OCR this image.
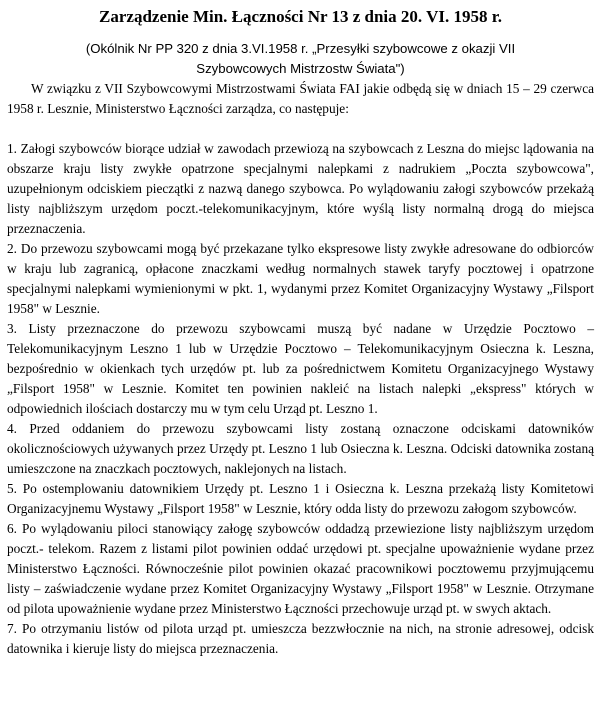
Zarządzenie Min. Łączności Nr 13 z dnia 20. VI. 1958 r.
(Okólnik Nr PP 320 z dnia 3.VI.1958 r. „Przesyłki szybowcowe z okazji VII
Szybowcowych Mistrzostw Świata")

W związku z VII Szybowcowymi Mistrzostwami Świata FAI jakie odbędą się w dniach 15 – 29 czerwca 1958 r. Lesznie, Ministerstwo Łączności zarządza, co następuje:

1. Załogi szybowców biorące udział w zawodach przewiozą na szybowcach z Leszna do miejsc lądowania na obszarze kraju listy zwykłe opatrzone specjalnymi nalepkami z nadrukiem „Poczta szybowcowa", uzupełnionym odciskiem pieczątki z nazwą danego szybowca. Po wylądowaniu załogi szybowców przekażą listy najbliższym urzędom poczt.-telekomunikacyjnym, które wyślą listy normalną drogą do miejsca przeznaczenia.

2. Do przewozu szybowcami mogą być przekazane tylko ekspresowe listy zwykłe adresowane do odbiorców w kraju lub zagranicą, opłacone znaczkami według normalnych stawek taryfy pocztowej i opatrzone specjalnymi nalepkami wymienionymi w pkt. 1, wydanymi przez Komitet Organizacyjny Wystawy „Filsport 1958" w Lesznie.

3. Listy przeznaczone do przewozu szybowcami muszą być nadane w Urzędzie Pocztowo – Telekomunikacyjnym Leszno 1 lub w Urzędzie Pocztowo – Telekomunikacyjnym Osieczna k. Leszna, bezpośrednio w okienkach tych urzędów pt. lub za pośrednictwem Komitetu Organizacyjnego Wystawy „Filsport 1958" w Lesznie. Komitet ten powinien nakleić na listach nalepki „ekspress" których w odpowiednich ilościach dostarczy mu w tym celu Urząd pt. Leszno 1.

4. Przed oddaniem do przewozu szybowcami listy zostaną oznaczone odciskami datowników okolicznościowych używanych przez Urzędy pt. Leszno 1 lub Osieczna k. Leszna. Odciski datownika zostaną umieszczone na znaczkach pocztowych, naklejonych na listach.

5. Po ostemplowaniu datownikiem Urzędy pt. Leszno 1 i Osieczna k. Leszna przekażą listy Komitetowi Organizacyjnemu Wystawy „Filsport 1958" w Lesznie, który odda listy do przewozu załogom szybowców.

6. Po wylądowaniu piloci stanowiący załogę szybowców oddadzą przewiezione listy najbliższym urzędom poczt.- telekom. Razem z listami pilot powinien oddać urzędowi pt. specjalne upoważnienie wydane przez Ministerstwo Łączności. Równocześnie pilot powinien okazać pracownikowi pocztowemu przyjmującemu listy – zaświadczenie wydane przez Komitet Organizacyjny Wystawy „Filsport 1958" w Lesznie. Otrzymane od pilota upoważnienie wydane przez Ministerstwo Łączności przechowuje urząd pt. w swych aktach.

7. Po otrzymaniu listów od pilota urząd pt. umieszcza bezzwłocznie na nich, na stronie adresowej, odcisk datownika i kieruje listy do miejsca przeznaczenia.
